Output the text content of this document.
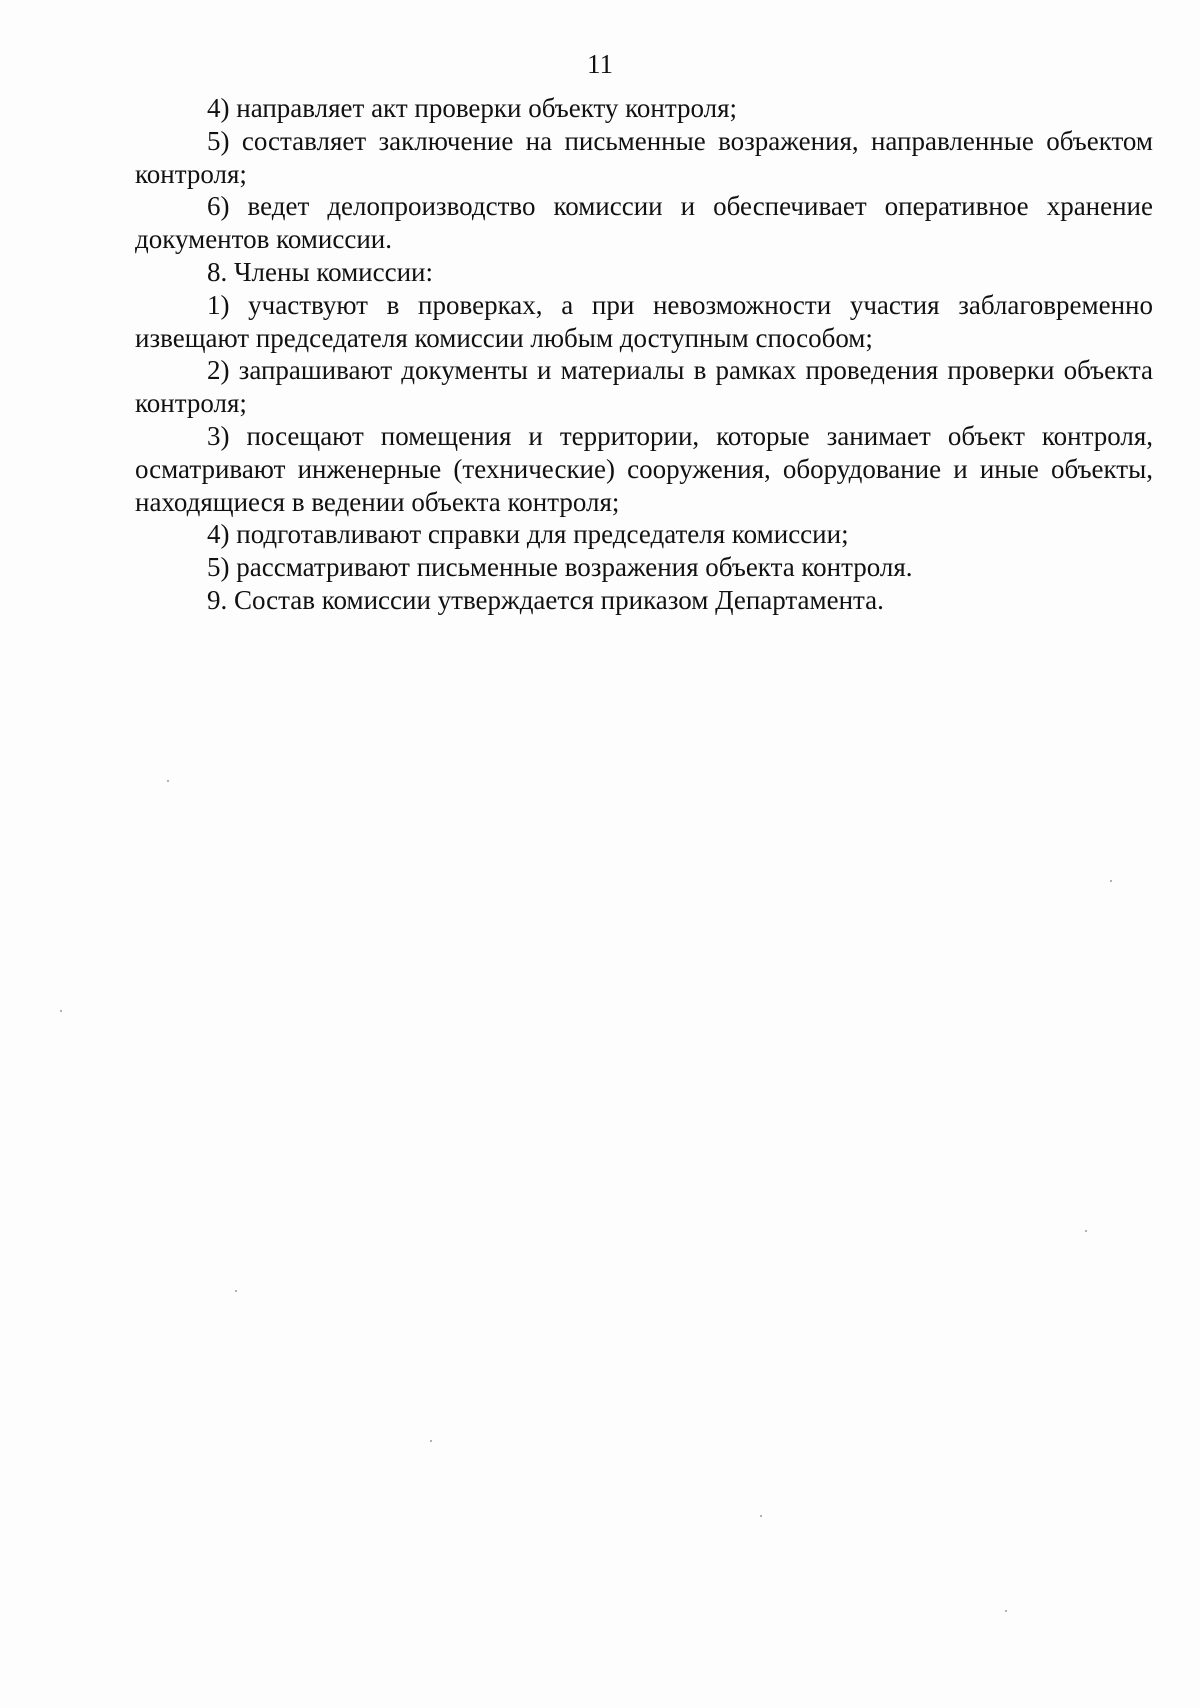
11

4) направляет акт проверки объекту контроля;

5) составляет заключение на письменные возражения, направленные объектом контроля;

6) ведет делопроизводство комиссии и обеспечивает оперативное хранение документов комиссии.

8. Члены комиссии:

1) участвуют в проверках, а при невозможности участия заблаговременно извещают председателя комиссии любым доступным способом;

2) запрашивают документы и материалы в рамках проведения проверки объекта контроля;

3) посещают помещения и территории, которые занимает объект контроля, осматривают инженерные (технические) сооружения, оборудование и иные объекты, находящиеся в ведении объекта контроля;

4) подготавливают справки для председателя комиссии;

5) рассматривают письменные возражения объекта контроля.

9. Состав комиссии утверждается приказом Департамента.
